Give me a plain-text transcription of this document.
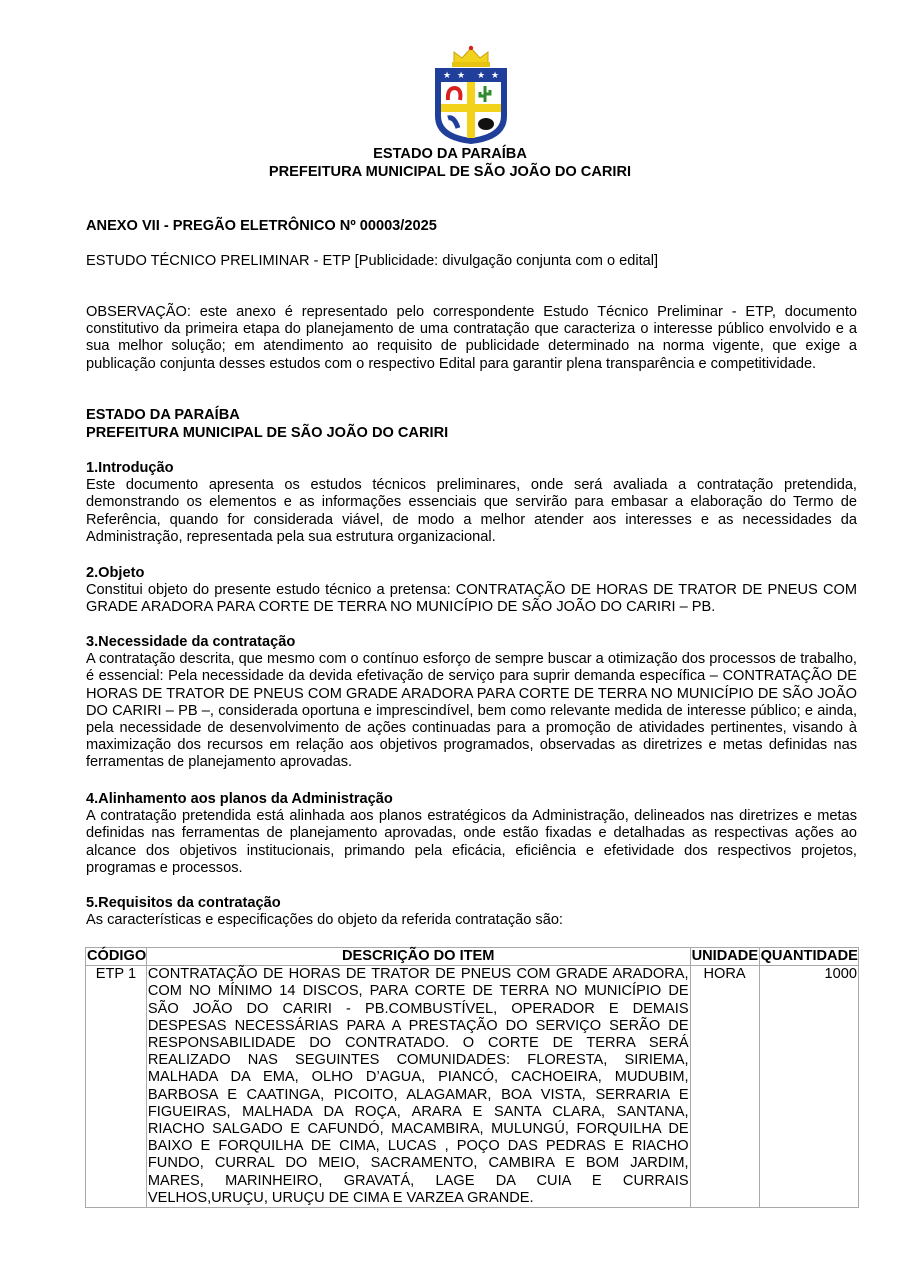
★ ★ ★ ★
ESTADO DA PARAÍBA
PREFEITURA MUNICIPAL DE SÃO JOÃO DO CARIRI
ANEXO VII - PREGÃO ELETRÔNICO Nº 00003/2025
ESTUDO TÉCNICO PRELIMINAR - ETP [Publicidade: divulgação conjunta com o edital]
OBSERVAÇÃO: este anexo é representado pelo correspondente Estudo Técnico Preliminar - ETP, documento constitutivo da primeira etapa do planejamento de uma contratação que caracteriza o interesse público envolvido e a sua melhor solução; em atendimento ao requisito de publicidade determinado na norma vigente, que exige a publicação conjunta desses estudos com o respectivo Edital para garantir plena transparência e competitividade.
ESTADO DA PARAÍBA
PREFEITURA MUNICIPAL DE SÃO JOÃO DO CARIRI
1.Introdução
Este documento apresenta os estudos técnicos preliminares, onde será avaliada a contratação pretendida, demonstrando os elementos e as informações essenciais que servirão para embasar a elaboração do Termo de Referência, quando for considerada viável, de modo a melhor atender aos interesses e as necessidades da Administração, representada pela sua estrutura organizacional.
2.Objeto
Constitui objeto do presente estudo técnico a pretensa: CONTRATAÇÃO DE HORAS DE TRATOR DE PNEUS COM GRADE ARADORA PARA CORTE DE TERRA NO MUNICÍPIO DE SÃO JOÃO DO CARIRI – PB.
3.Necessidade da contratação
A contratação descrita, que mesmo com o contínuo esforço de sempre buscar a otimização dos processos de trabalho, é essencial: Pela necessidade da devida efetivação de serviço para suprir demanda específica – CONTRATAÇÃO DE HORAS DE TRATOR DE PNEUS COM GRADE ARADORA PARA CORTE DE TERRA NO MUNICÍPIO DE SÃO JOÃO DO CARIRI – PB –, considerada oportuna e imprescindível, bem como relevante medida de interesse público; e ainda, pela necessidade de desenvolvimento de ações continuadas para a promoção de atividades pertinentes, visando à maximização dos recursos em relação aos objetivos programados, observadas as diretrizes e metas definidas nas ferramentas de planejamento aprovadas.
4.Alinhamento aos planos da Administração
A contratação pretendida está alinhada aos planos estratégicos da Administração, delineados nas diretrizes e metas definidas nas ferramentas de planejamento aprovadas, onde estão fixadas e detalhadas as respectivas ações ao alcance dos objetivos institucionais, primando pela eficácia, eficiência e efetividade dos respectivos projetos, programas e processos.
5.Requisitos da contratação
As características e especificações do objeto da referida contratação são:
CÓDIGO	DESCRIÇÃO DO ITEM	UNIDADE	QUANTIDADE
ETP 1	CONTRATAÇÃO DE HORAS DE TRATOR DE PNEUS COM GRADE ARADORA, COM NO MÍNIMO 14 DISCOS, PARA CORTE DE TERRA NO MUNICÍPIO DE SÃO JOÃO DO CARIRI - PB.COMBUSTÍVEL, OPERADOR E DEMAIS DESPESAS NECESSÁRIAS PARA A PRESTAÇÃO DO SERVIÇO SERÃO DE RESPONSABILIDADE DO CONTRATADO. O CORTE DE TERRA SERÁ REALIZADO NAS SEGUINTES COMUNIDADES: FLORESTA, SIRIEMA, MALHADA DA EMA, OLHO D’AGUA, PIANCÓ, CACHOEIRA, MUDUBIM, BARBOSA E CAATINGA, PICOITO, ALAGAMAR, BOA VISTA, SERRARIA E FIGUEIRAS, MALHADA DA ROÇA, ARARA E SANTA CLARA, SANTANA, RIACHO SALGADO E CAFUNDÓ, MACAMBIRA, MULUNGÚ, FORQUILHA DE BAIXO E FORQUILHA DE CIMA, LUCAS , POÇO DAS PEDRAS E RIACHO FUNDO, CURRAL DO MEIO, SACRAMENTO, CAMBIRA E BOM JARDIM, MARES, MARINHEIRO, GRAVATÁ, LAGE DA CUIA E CURRAIS VELHOS,URUÇU, URUÇU DE CIMA E VARZEA GRANDE.	HORA	1000
